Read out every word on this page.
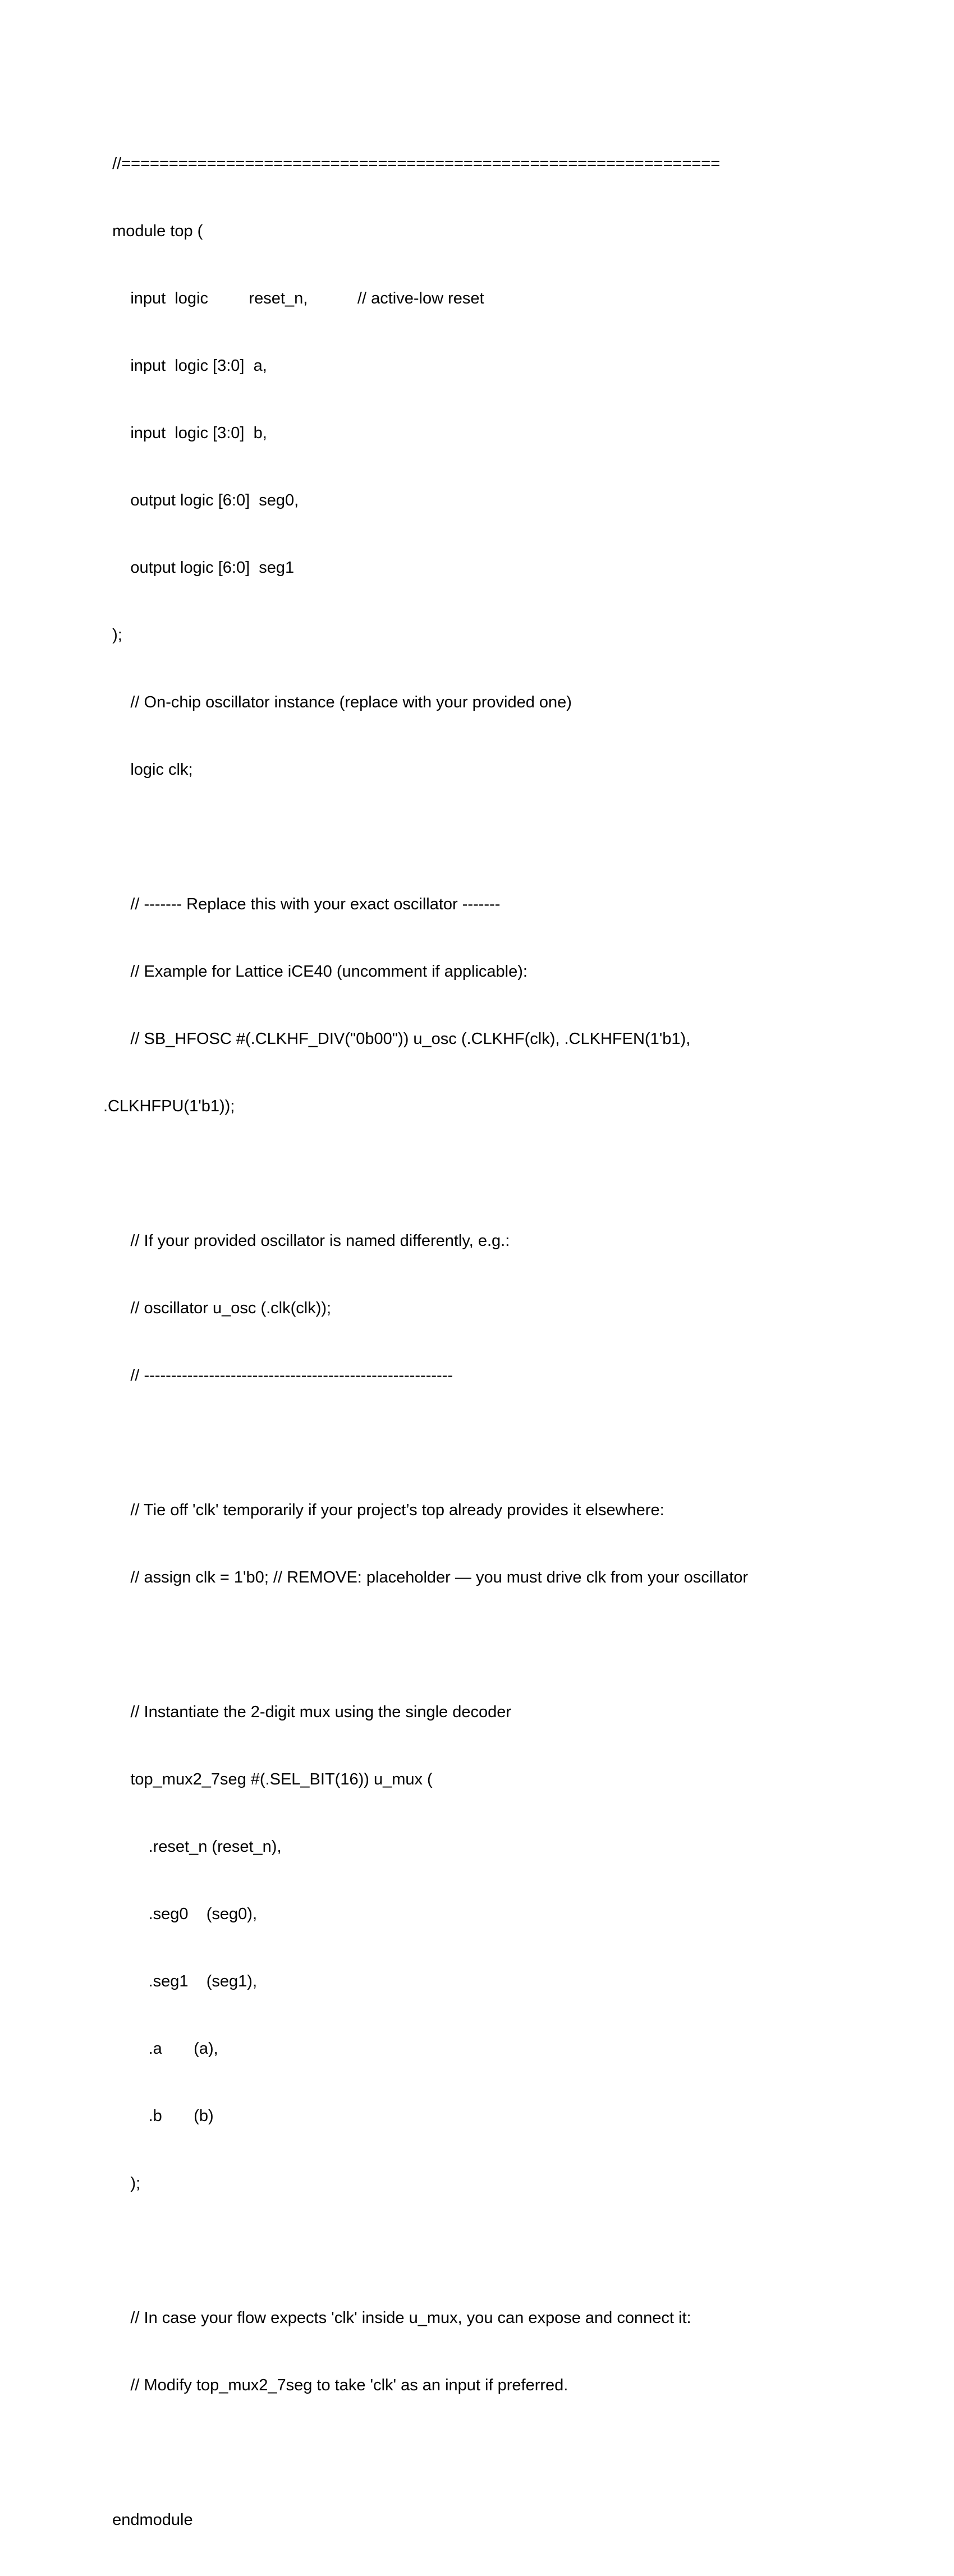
//===============================================================

module top (

input  logic         reset_n,           // active-low reset

input  logic [3:0]  a,

input  logic [3:0]  b,

output logic [6:0]  seg0,

output logic [6:0]  seg1

);

// On-chip oscillator instance (replace with your provided one)

logic clk;

// ------- Replace this with your exact oscillator -------

// Example for Lattice iCE40 (uncomment if applicable):

// SB_HFOSC #(.CLKHF_DIV("0b00")) u_osc (.CLKHF(clk), .CLKHFEN(1'b1),

.CLKHFPU(1'b1));

// If your provided oscillator is named differently, e.g.:

// oscillator u_osc (.clk(clk));

// ---------------------------------------------------------

// Tie off 'clk' temporarily if your project’s top already provides it elsewhere:

// assign clk = 1'b0; // REMOVE: placeholder — you must drive clk from your oscillator

// Instantiate the 2-digit mux using the single decoder

top_mux2_7seg #(.SEL_BIT(16)) u_mux (

.reset_n (reset_n),

.seg0    (seg0),

.seg1    (seg1),

.a       (a),

.b       (b)

);

// In case your flow expects 'clk' inside u_mux, you can expose and connect it:

// Modify top_mux2_7seg to take 'clk' as an input if preferred.

endmodule
